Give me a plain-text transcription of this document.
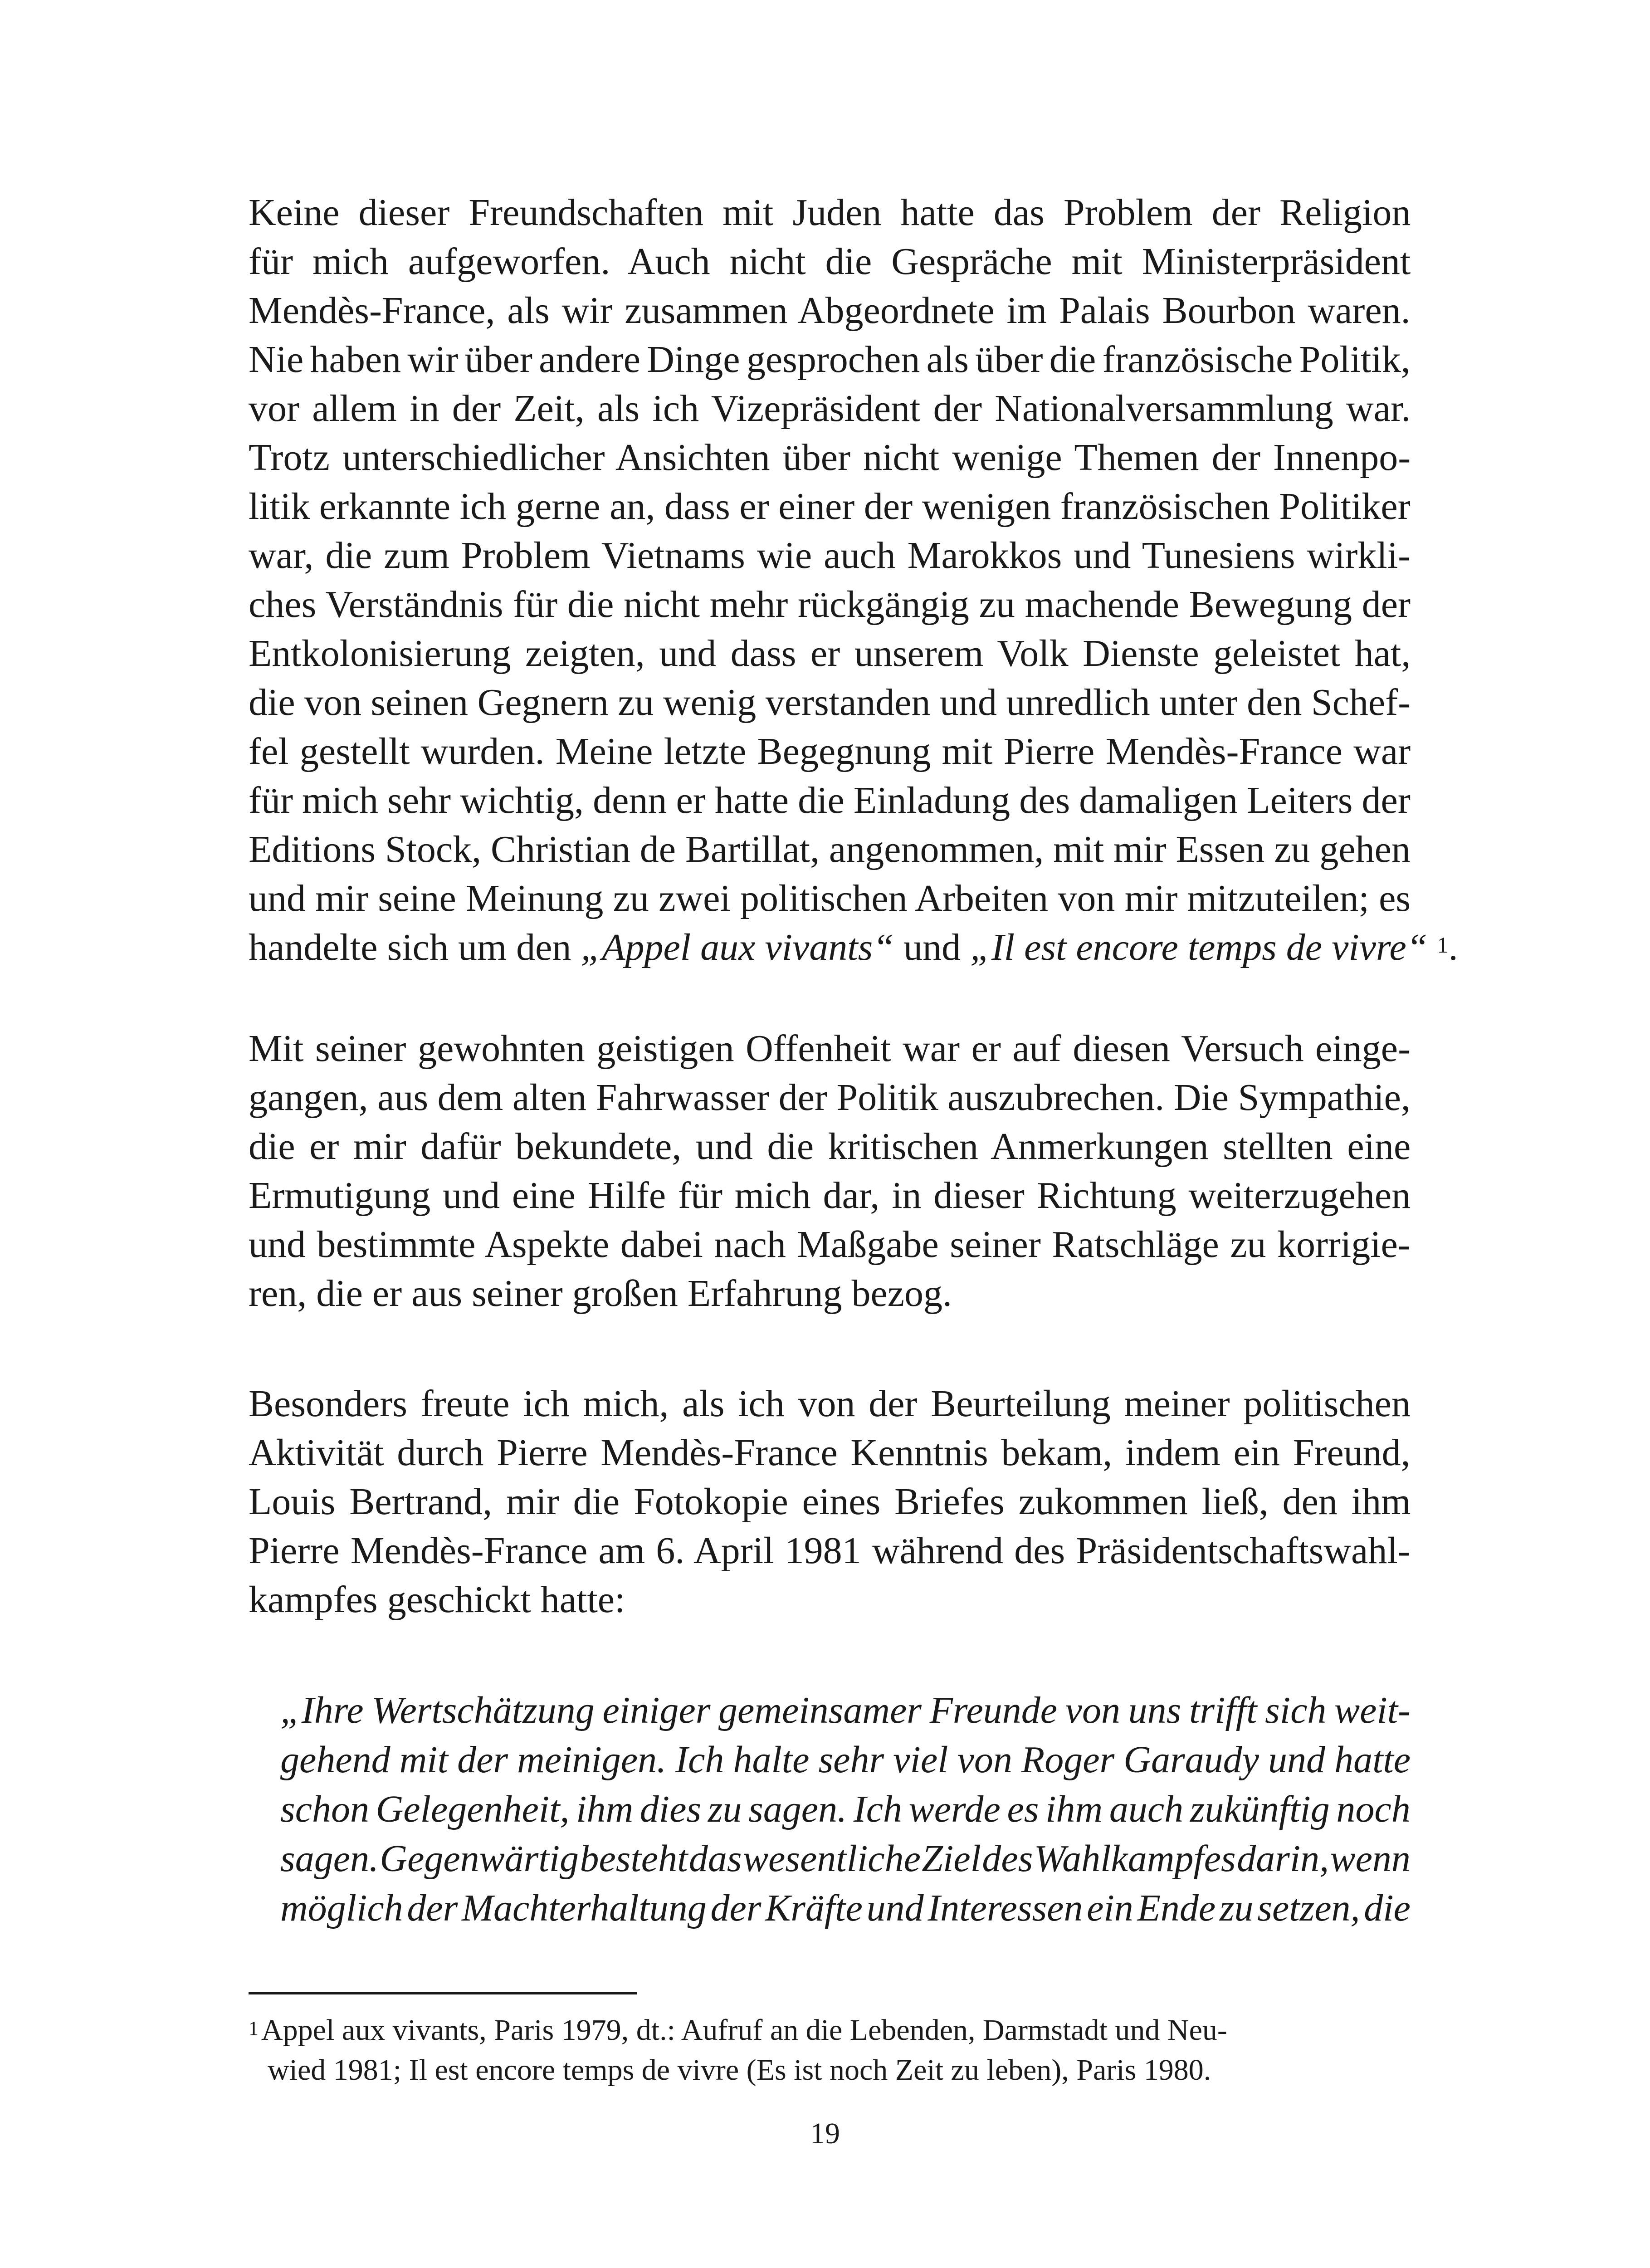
Keine dieser Freundschaften mit Juden hatte das Problem der Religion
für mich aufgeworfen. Auch nicht die Gespräche mit Ministerpräsident
Mendès-France, als wir zusammen Abgeordnete im Palais Bourbon waren.
Nie haben wir über andere Dinge gesprochen als über die französische Politik,
vor allem in der Zeit, als ich Vizepräsident der Nationalversammlung war.
Trotz unterschiedlicher Ansichten über nicht wenige Themen der Innenpo-
litik erkannte ich gerne an, dass er einer der wenigen französischen Politiker
war, die zum Problem Vietnams wie auch Marokkos und Tunesiens wirkli-
ches Verständnis für die nicht mehr rückgängig zu machende Bewegung der
Entkolonisierung zeigten, und dass er unserem Volk Dienste geleistet hat,
die von seinen Gegnern zu wenig verstanden und unredlich unter den Schef-
fel gestellt wurden. Meine letzte Begegnung mit Pierre Mendès-France war
für mich sehr wichtig, denn er hatte die Einladung des damaligen Leiters der
Editions Stock, Christian de Bartillat, angenommen, mit mir Essen zu gehen
und mir seine Meinung zu zwei politischen Arbeiten von mir mitzuteilen; es
handelte sich um den „Appel aux vivants“ und „Il est encore temps de vivre“ $^1$.
Mit seiner gewohnten geistigen Offenheit war er auf diesen Versuch einge-
gangen, aus dem alten Fahrwasser der Politik auszubrechen. Die Sympathie,
die er mir dafür bekundete, und die kritischen Anmerkungen stellten eine
Ermutigung und eine Hilfe für mich dar, in dieser Richtung weiterzugehen
und bestimmte Aspekte dabei nach Maßgabe seiner Ratschläge zu korrigie-
ren, die er aus seiner großen Erfahrung bezog.
Besonders freute ich mich, als ich von der Beurteilung meiner politischen
Aktivität durch Pierre Mendès-France Kenntnis bekam, indem ein Freund,
Louis Bertrand, mir die Fotokopie eines Briefes zukommen ließ, den ihm
Pierre Mendès-France am 6. April 1981 während des Präsidentschaftswahl-
kampfes geschickt hatte:
„Ihre Wertschätzung einiger gemeinsamer Freunde von uns trifft sich weit-
gehend mit der meinigen. Ich halte sehr viel von Roger Garaudy und hatte
schon Gelegenheit, ihm dies zu sagen. Ich werde es ihm auch zukünftig noch
sagen. Gegenwärtig besteht das wesentliche Ziel des Wahlkampfes darin, wenn
möglich der Machterhaltung der Kräfte und Interessen ein Ende zu setzen, die
$^1$Appel aux vivants, Paris 1979, dt.: Aufruf an die Lebenden, Darmstadt und Neu-
wied 1981; Il est encore temps de vivre (Es ist noch Zeit zu leben), Paris 1980.
19
